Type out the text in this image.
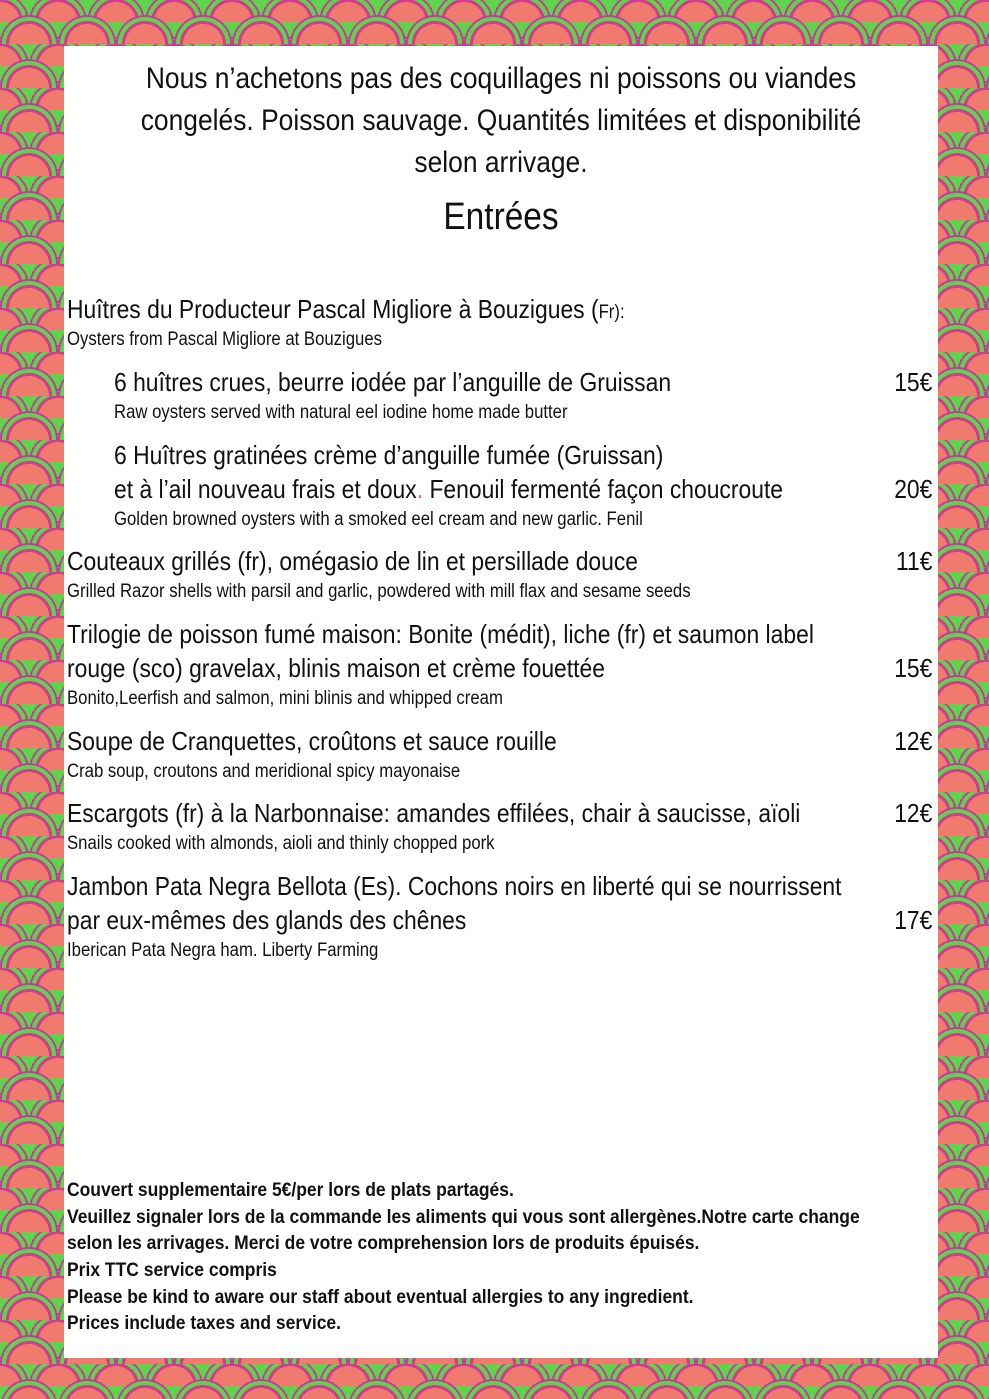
Nous n’achetons pas des coquillages ni poissons ou viandes
congelés. Poisson sauvage. Quantités limitées et disponibilité
selon arrivage.
Entrées
Huîtres du Producteur Pascal Migliore à Bouzigues (Fr):
Oysters from Pascal Migliore at Bouzigues
6 huîtres crues, beurre iodée par l’anguille de Gruissan	15€
Raw oysters served with natural eel iodine home made butter
6 Huîtres gratinées crème d’anguille fumée (Gruissan)
et à l’ail nouveau frais et doux. Fenouil fermenté façon choucroute	20€
Golden browned oysters with a smoked eel cream and new garlic. Fenil
Couteaux grillés (fr), omégasio de lin et persillade douce	11€
Grilled Razor shells with parsil and garlic, powdered with mill flax and sesame seeds
Trilogie de poisson fumé maison: Bonite (médit), liche (fr) et saumon label
rouge (sco) gravelax, blinis maison et crème fouettée	15€
Bonito,Leerfish and salmon, mini blinis and whipped cream
Soupe de Cranquettes, croûtons et sauce rouille	12€
Crab soup, croutons and meridional spicy mayonaise
Escargots (fr) à la Narbonnaise: amandes effilées, chair à saucisse, aïoli	12€
Snails cooked with almonds, aioli and thinly chopped pork
Jambon Pata Negra Bellota (Es). Cochons noirs en liberté qui se nourrissent
par eux-mêmes des glands des chênes	17€
Iberican Pata Negra ham. Liberty Farming
Couvert supplementaire 5€/per lors de plats partagés.
Veuillez signaler lors de la commande les aliments qui vous sont allergènes.Notre carte change
selon les arrivages. Merci de votre comprehension lors de produits épuisés.
Prix TTC service compris
Please be kind to aware our staff about eventual allergies to any ingredient.
Prices include taxes and service.
